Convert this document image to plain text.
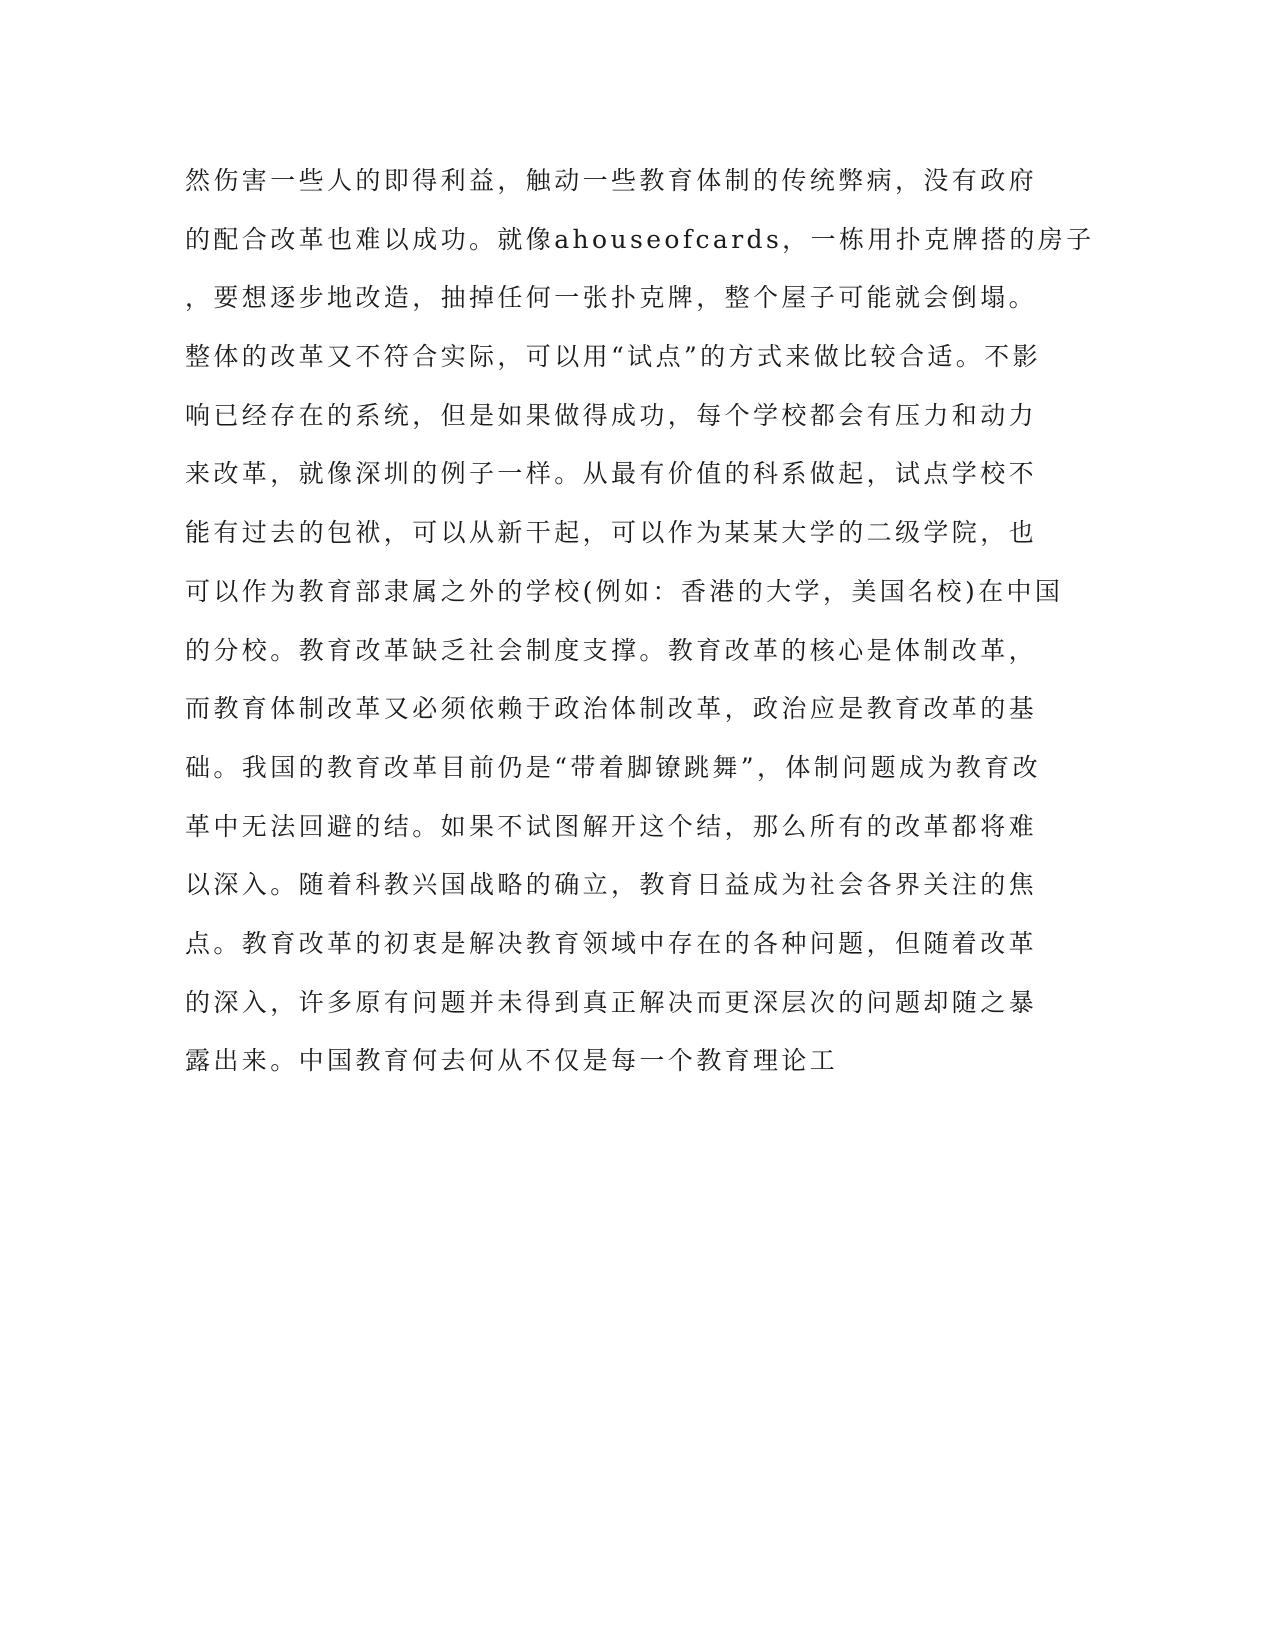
然伤害一些人的即得利益，触动一些教育体制的传统弊病，没有政府
的配合改革也难以成功。就像ahouseofcards，一栋用扑克牌搭的房子
，要想逐步地改造，抽掉任何一张扑克牌，整个屋子可能就会倒塌。
整体的改革又不符合实际，可以用“试点”的方式来做比较合适。不影
响已经存在的系统，但是如果做得成功，每个学校都会有压力和动力
来改革，就像深圳的例子一样。从最有价值的科系做起，试点学校不
能有过去的包袱，可以从新干起，可以作为某某大学的二级学院，也
可以作为教育部隶属之外的学校(例如：香港的大学，美国名校)在中国
的分校。教育改革缺乏社会制度支撑。教育改革的核心是体制改革，
而教育体制改革又必须依赖于政治体制改革，政治应是教育改革的基
础。我国的教育改革目前仍是“带着脚镣跳舞”，体制问题成为教育改
革中无法回避的结。如果不试图解开这个结，那么所有的改革都将难
以深入。随着科教兴国战略的确立，教育日益成为社会各界关注的焦
点。教育改革的初衷是解决教育领域中存在的各种问题，但随着改革
的深入，许多原有问题并未得到真正解决而更深层次的问题却随之暴
露出来。中国教育何去何从不仅是每一个教育理论工
